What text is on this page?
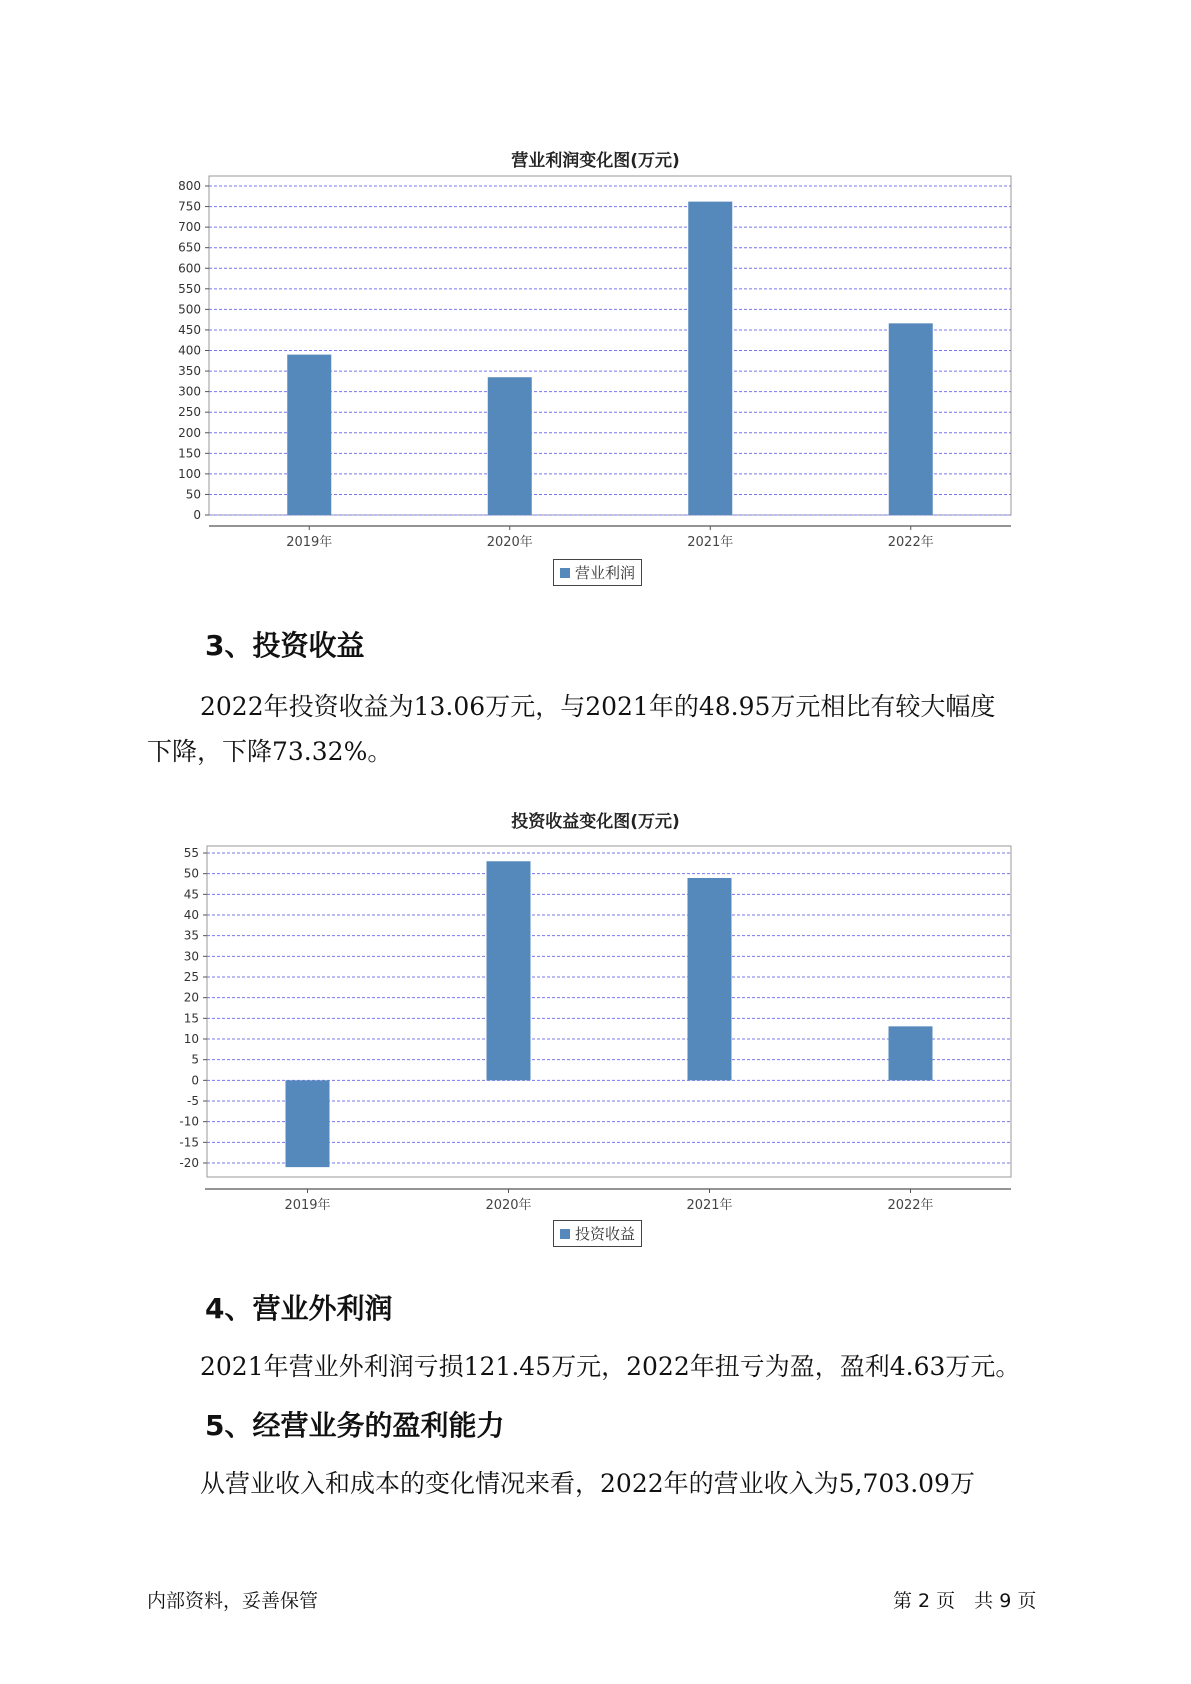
营业利润变化图(万元)
0
50
100
150
200
250
300
350
400
450
500
550
600
650
700
750
800
2019年	2020年	2021年	2022年
营业利润
3、投资收益
2022年投资收益为13.06万元，与2021年的48.95万元相比有较大幅度
下降，下降73.32%。
投资收益变化图(万元)
-20
-15
-10
-5
0
5
10
15
20
25
30
35
40
45
50
55
2019年	2020年	2021年	2022年
投资收益
4、营业外利润
2021年营业外利润亏损121.45万元，2022年扭亏为盈，盈利4.63万元。
5、经营业务的盈利能力
从营业收入和成本的变化情况来看，2022年的营业收入为5,703.09万
内部资料，妥善保管	第 2 页　共 9 页
